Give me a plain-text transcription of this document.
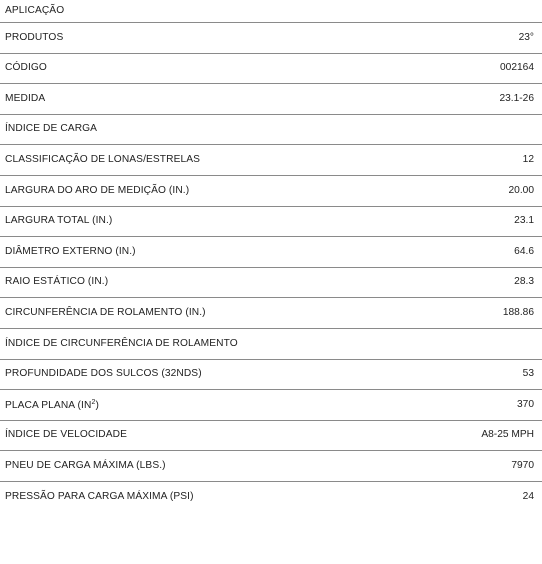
APLICAÇÃO
PRODUTOS	23°
CÓDIGO	002164
MEDIDA	23.1-26
ÍNDICE DE CARGA
CLASSIFICAÇÃO DE LONAS/ESTRELAS	12
LARGURA DO ARO DE MEDIÇÃO (IN.)	20.00
LARGURA TOTAL (IN.)	23.1
DIÂMETRO EXTERNO (IN.)	64.6
RAIO ESTÁTICO (IN.)	28.3
CIRCUNFERÊNCIA DE ROLAMENTO (IN.)	188.86
ÍNDICE DE CIRCUNFERÊNCIA DE ROLAMENTO
PROFUNDIDADE DOS SULCOS (32NDS)	53
PLACA PLANA $(IN^2)$	370
ÍNDICE DE VELOCIDADE	A8-25 MPH
PNEU DE CARGA MÁXIMA (LBS.)	7970
PRESSÃO PARA CARGA MÁXIMA (PSI)	24
